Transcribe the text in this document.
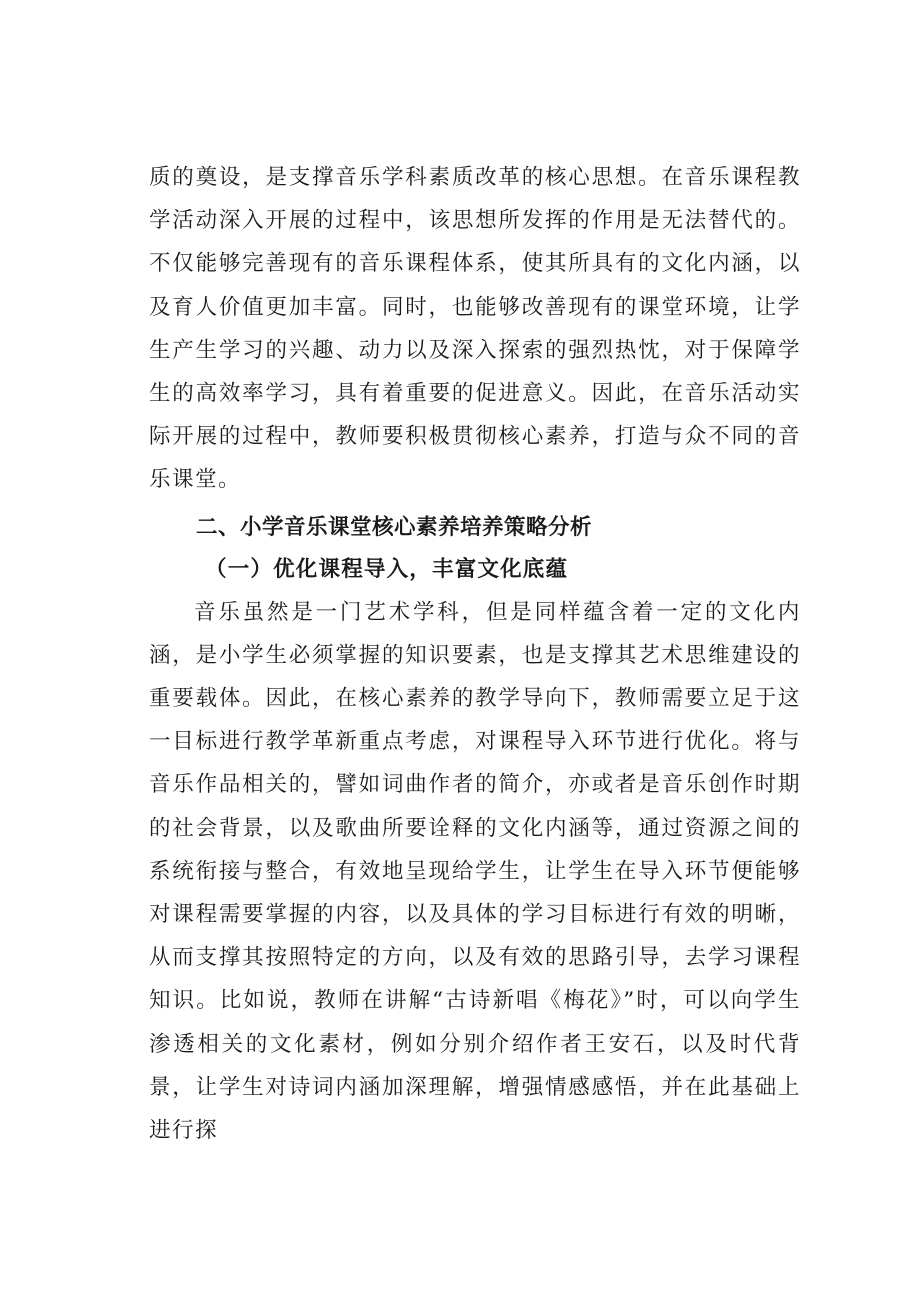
质的奠设，是支撑音乐学科素质改革的核心思想。在音乐课程教学活动深入开展的过程中，该思想所发挥的作用是无法替代的。不仅能够完善现有的音乐课程体系，使其所具有的文化内涵，以及育人价值更加丰富。同时，也能够改善现有的课堂环境，让学生产生学习的兴趣、动力以及深入探索的强烈热忱，对于保障学生的高效率学习，具有着重要的促进意义。因此，在音乐活动实际开展的过程中，教师要积极贯彻核心素养，打造与众不同的音乐课堂。

二、小学音乐课堂核心素养培养策略分析
（一）优化课程导入，丰富文化底蕴

音乐虽然是一门艺术学科，但是同样蕴含着一定的文化内涵，是小学生必须掌握的知识要素，也是支撑其艺术思维建设的重要载体。因此，在核心素养的教学导向下，教师需要立足于这一目标进行教学革新重点考虑，对课程导入环节进行优化。将与音乐作品相关的，譬如词曲作者的简介，亦或者是音乐创作时期的社会背景，以及歌曲所要诠释的文化内涵等，通过资源之间的系统衔接与整合，有效地呈现给学生，让学生在导入环节便能够对课程需要掌握的内容，以及具体的学习目标进行有效的明晰，从而支撑其按照特定的方向，以及有效的思路引导，去学习课程知识。比如说，教师在讲解“古诗新唱《梅花》”时，可以向学生渗透相关的文化素材，例如分别介绍作者王安石，以及时代背景，让学生对诗词内涵加深理解，增强情感感悟，并在此基础上进行探
